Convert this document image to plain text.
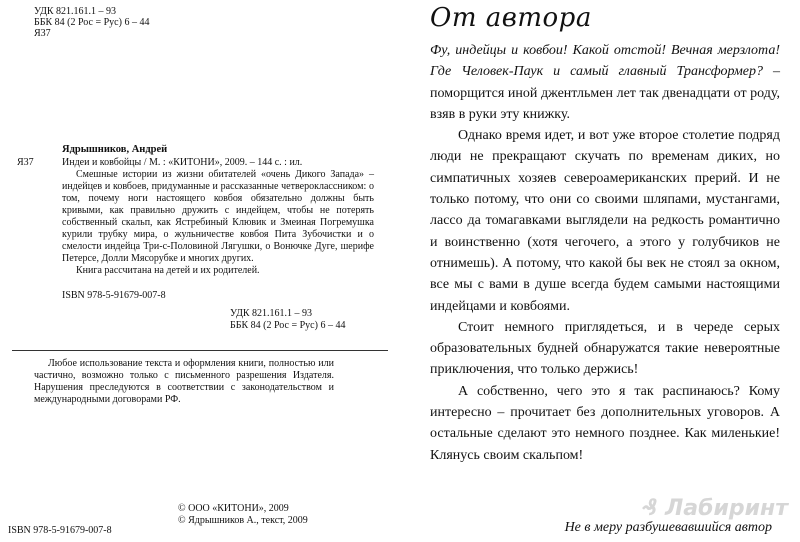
УДК 821.161.1 – 93
ББК 84 (2 Рос = Рус) 6 – 44
Я37
Я37
Ядрышников, Андрей
Индеи и ковбойцы / М. : «КИТОНИ», 2009. – 144 с. : ил.

Смешные истории из жизни обитателей «очень Дикого Запада» – индейцев и ковбоев, придуманные и рассказанные четвероклассником: о том, почему ноги настоящего ковбоя обязательно должны быть кривыми, как правильно дружить с индейцем, чтобы не потерять собственный скальп, как Ястребиный Клювик и Змеиная Погремушка курили трубку мира, о жульничестве ковбоя Пита Зубочистки и о смелости индейца Три-с-Половиной Лягушки, о Вонючке Дуге, шерифе Петерсе, Долли Мясорубке и многих других.

Книга рассчитана на детей и их родителей.

ISBN 978-5-91679-007-8
УДК 821.161.1 – 93
ББК 84 (2 Рос = Рус) 6 – 44

Любое использование текста и оформления книги, полностью или частично, возможно только с письменного разрешения Издателя. Нарушения преследуются в соответствии с законодательством и международными договорами РФ.

ISBN 978-5-91679-007-8
© ООО «КИТОНИ», 2009
© Ядрышников А., текст, 2009
От автора

Фу, индейцы и ковбои! Какой отстой! Вечная мерзлота! Где Человек-Паук и самый главный Трансформер? – поморщится иной джентльмен лет так двенадцати от роду, взяв в руки эту книжку.

Однако время идет, и вот уже второе столетие подряд люди не прекращают скучать по временам диких, но симпатичных хозяев североамериканских прерий. И не только потому, что они со своими шляпами, мустангами, лассо да томагавками выглядели на редкость романтично и воинственно (хотя чегочего, а этого у голубчиков не отнимешь). А потому, что какой бы век не стоял за окном, все мы с вами в душе всегда будем самыми настоящими индейцами и ковбоями.

Стоит немного приглядеться, и в череде серых образовательных будней обнаружатся такие невероятные приключения, что только держись!

А собственно, чего это я так распинаюсь? Кому интересно – прочитает без дополнительных уговоров. А остальные сделают это немного позднее. Как миленькие! Клянусь своим скальпом!

₰ Лабиринт
Не в меру разбушевавшийся автор
